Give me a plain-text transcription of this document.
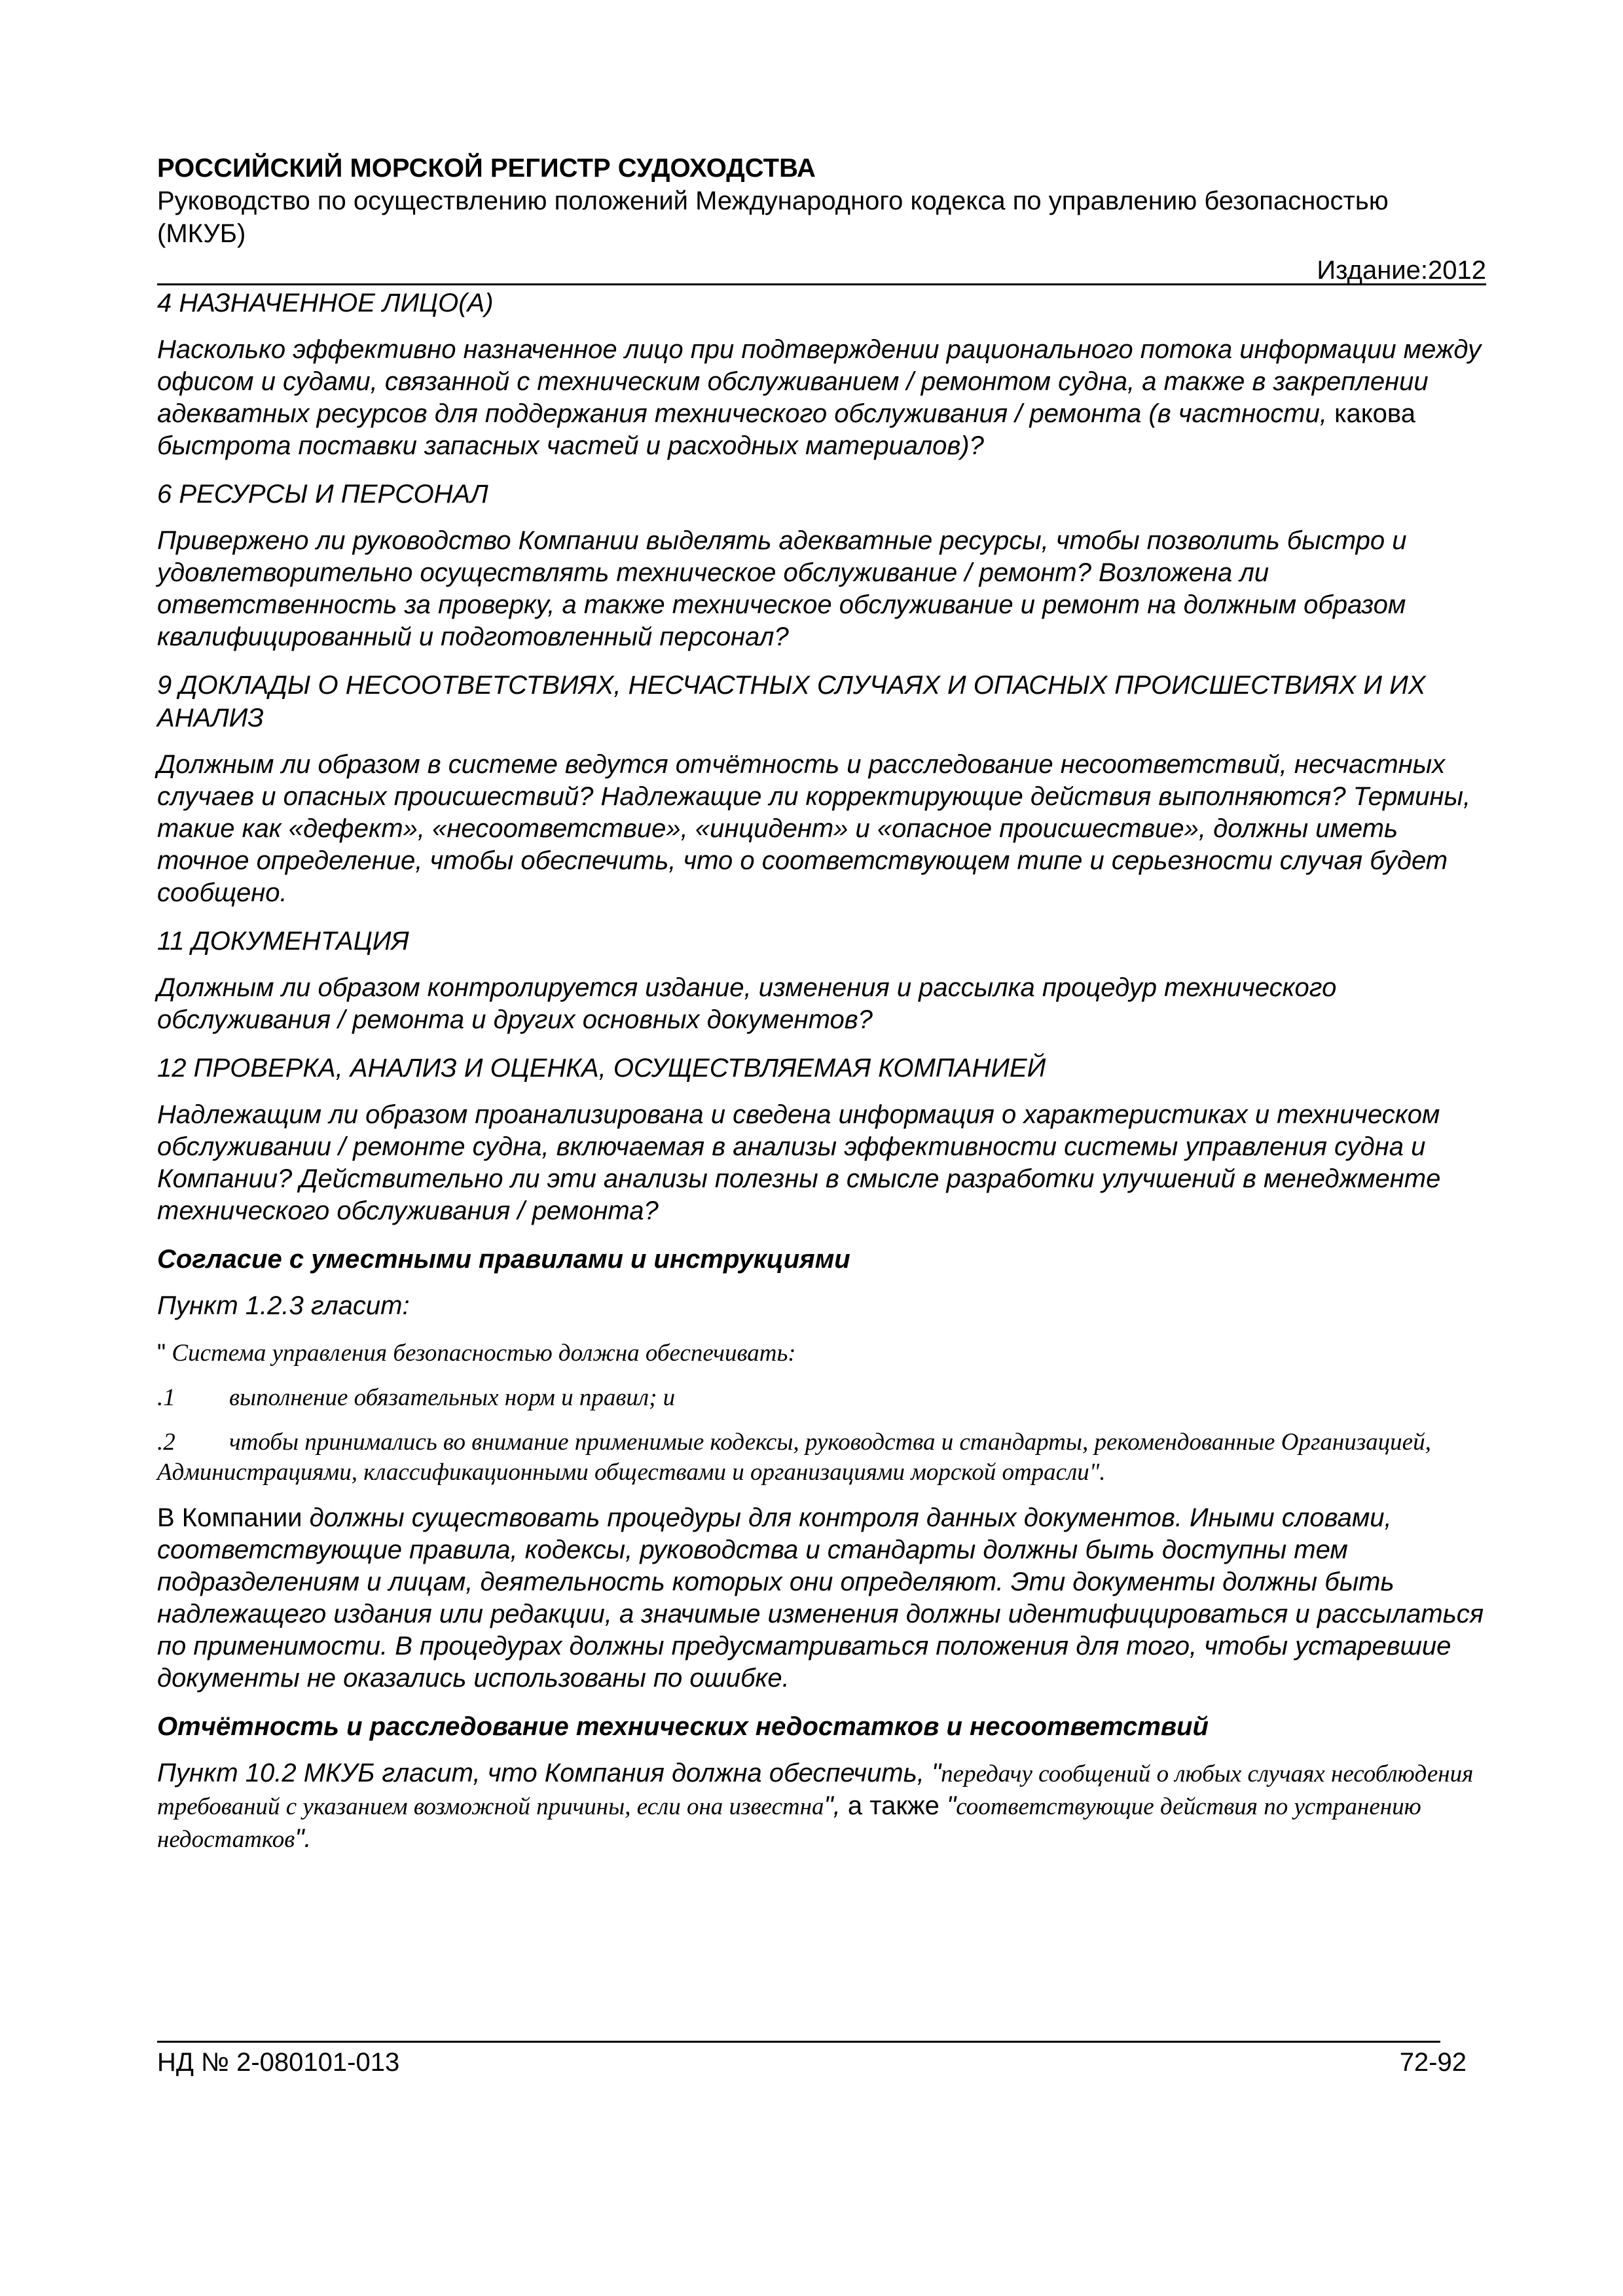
РОССИЙСКИЙ МОРСКОЙ РЕГИСТР СУДОХОДСТВА

Руководство по осуществлению положений Международного кодекса по управлению безопасностью

(МКУБ)

Издание:2012

4 НАЗНАЧЕННОЕ ЛИЦО(А)

Насколько эффективно назначенное лицо при подтверждении рационального потока информации между офисом и судами, связанной с техническим обслуживанием / ремонтом судна, а также в закреплении адекватных ресурсов для поддержания технического обслуживания / ремонта (в частности, какова быстрота поставки запасных частей и расходных материалов)?

6 РЕСУРСЫ И ПЕРСОНАЛ

Привержено ли руководство Компании выделять адекватные ресурсы, чтобы позволить быстро и удовлетворительно осуществлять техническое обслуживание / ремонт? Возложена ли ответственность за проверку, а также техническое обслуживание и ремонт на должным образом квалифицированный и подготовленный персонал?

9 ДОКЛАДЫ О НЕСООТВЕТСТВИЯХ, НЕСЧАСТНЫХ СЛУЧАЯХ И ОПАСНЫХ ПРОИСШЕСТВИЯХ И ИХ АНАЛИЗ

Должным ли образом в системе ведутся отчётность и расследование несоответствий, несчастных случаев и опасных происшествий? Надлежащие ли корректирующие действия выполняются? Термины, такие как «дефект», «несоответствие», «инцидент» и «опасное происшествие», должны иметь точное определение, чтобы обеспечить, что о соответствующем типе и серьезности случая будет сообщено.

11 ДОКУМЕНТАЦИЯ

Должным ли образом контролируется издание, изменения и рассылка процедур технического обслуживания / ремонта и других основных документов?

12 ПРОВЕРКА, АНАЛИЗ И ОЦЕНКА, ОСУЩЕСТВЛЯЕМАЯ КОМПАНИЕЙ

Надлежащим ли образом проанализирована и сведена информация о характеристиках и техническом обслуживании / ремонте судна, включаемая в анализы эффективности системы управления судна и Компании? Действительно ли эти анализы полезны в смысле разработки улучшений в менеджменте технического обслуживания / ремонта?

Согласие с уместными правилами и инструкциями

Пункт 1.2.3 гласит:

" Система управления безопасностью должна обеспечивать:

.1	выполнение обязательных норм и правил; и

.2 чтобы принимались во внимание применимые кодексы, руководства и стандарты, рекомендованные Организацией, Администрациями, классификационными обществами и организациями морской отрасли".

В Компании должны существовать процедуры для контроля данных документов. Иными словами, соответствующие правила, кодексы, руководства и стандарты должны быть доступны тем подразделениям и лицам, деятельность которых они определяют. Эти документы должны быть надлежащего издания или редакции, а значимые изменения должны идентифицироваться и рассылаться по применимости. В процедурах должны предусматриваться положения для того, чтобы устаревшие документы не оказались использованы по ошибке.

Отчётность и расследование технических недостатков и несоответствий

Пункт 10.2 МКУБ гласит, что Компания должна обеспечить, "передачу сообщений о любых случаях несоблюдения требований с указанием возможной причины, если она известна", а также "соответствующие действия по устранению недостатков".

НД № 2-080101-013	72-92
